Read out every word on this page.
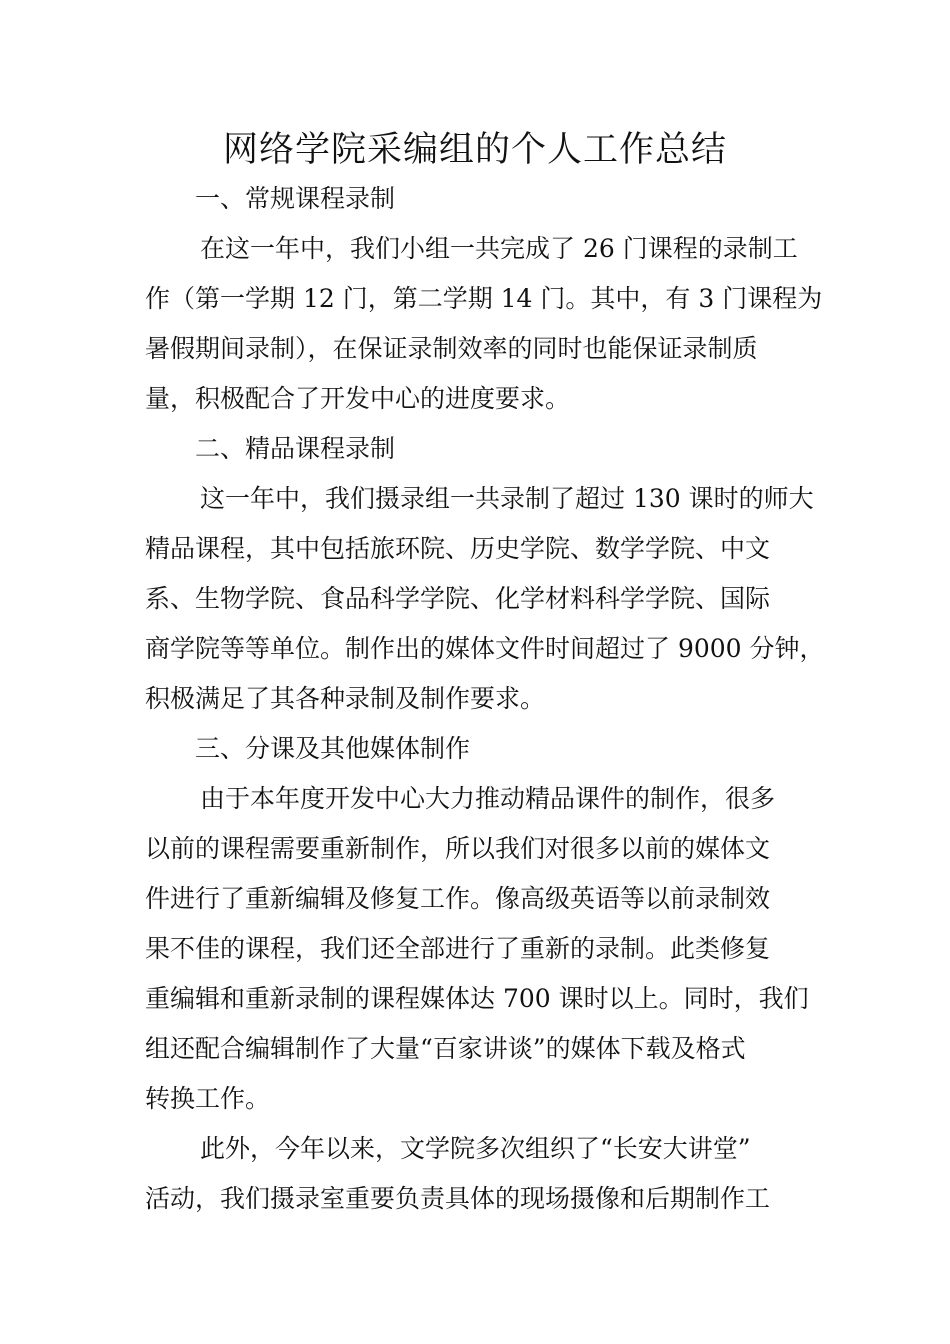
网络学院采编组的个人工作总结
一、常规课程录制
在这一年中，我们小组一共完成了 26 门课程的录制工
作（第一学期 12 门，第二学期 14 门。其中，有 3 门课程为
暑假期间录制），在保证录制效率的同时也能保证录制质
量，积极配合了开发中心的进度要求。
二、精品课程录制
这一年中，我们摄录组一共录制了超过 130 课时的师大
精品课程，其中包括旅环院、历史学院、数学学院、中文
系、生物学院、食品科学学院、化学材料科学学院、国际
商学院等等单位。制作出的媒体文件时间超过了 9000 分钟，
积极满足了其各种录制及制作要求。
三、分课及其他媒体制作
由于本年度开发中心大力推动精品课件的制作，很多
以前的课程需要重新制作，所以我们对很多以前的媒体文
件进行了重新编辑及修复工作。像高级英语等以前录制效
果不佳的课程，我们还全部进行了重新的录制。此类修复
重编辑和重新录制的课程媒体达 700 课时以上。同时，我们
组还配合编辑制作了大量“百家讲谈”的媒体下载及格式
转换工作。
此外，今年以来，文学院多次组织了“长安大讲堂”
活动，我们摄录室重要负责具体的现场摄像和后期制作工
